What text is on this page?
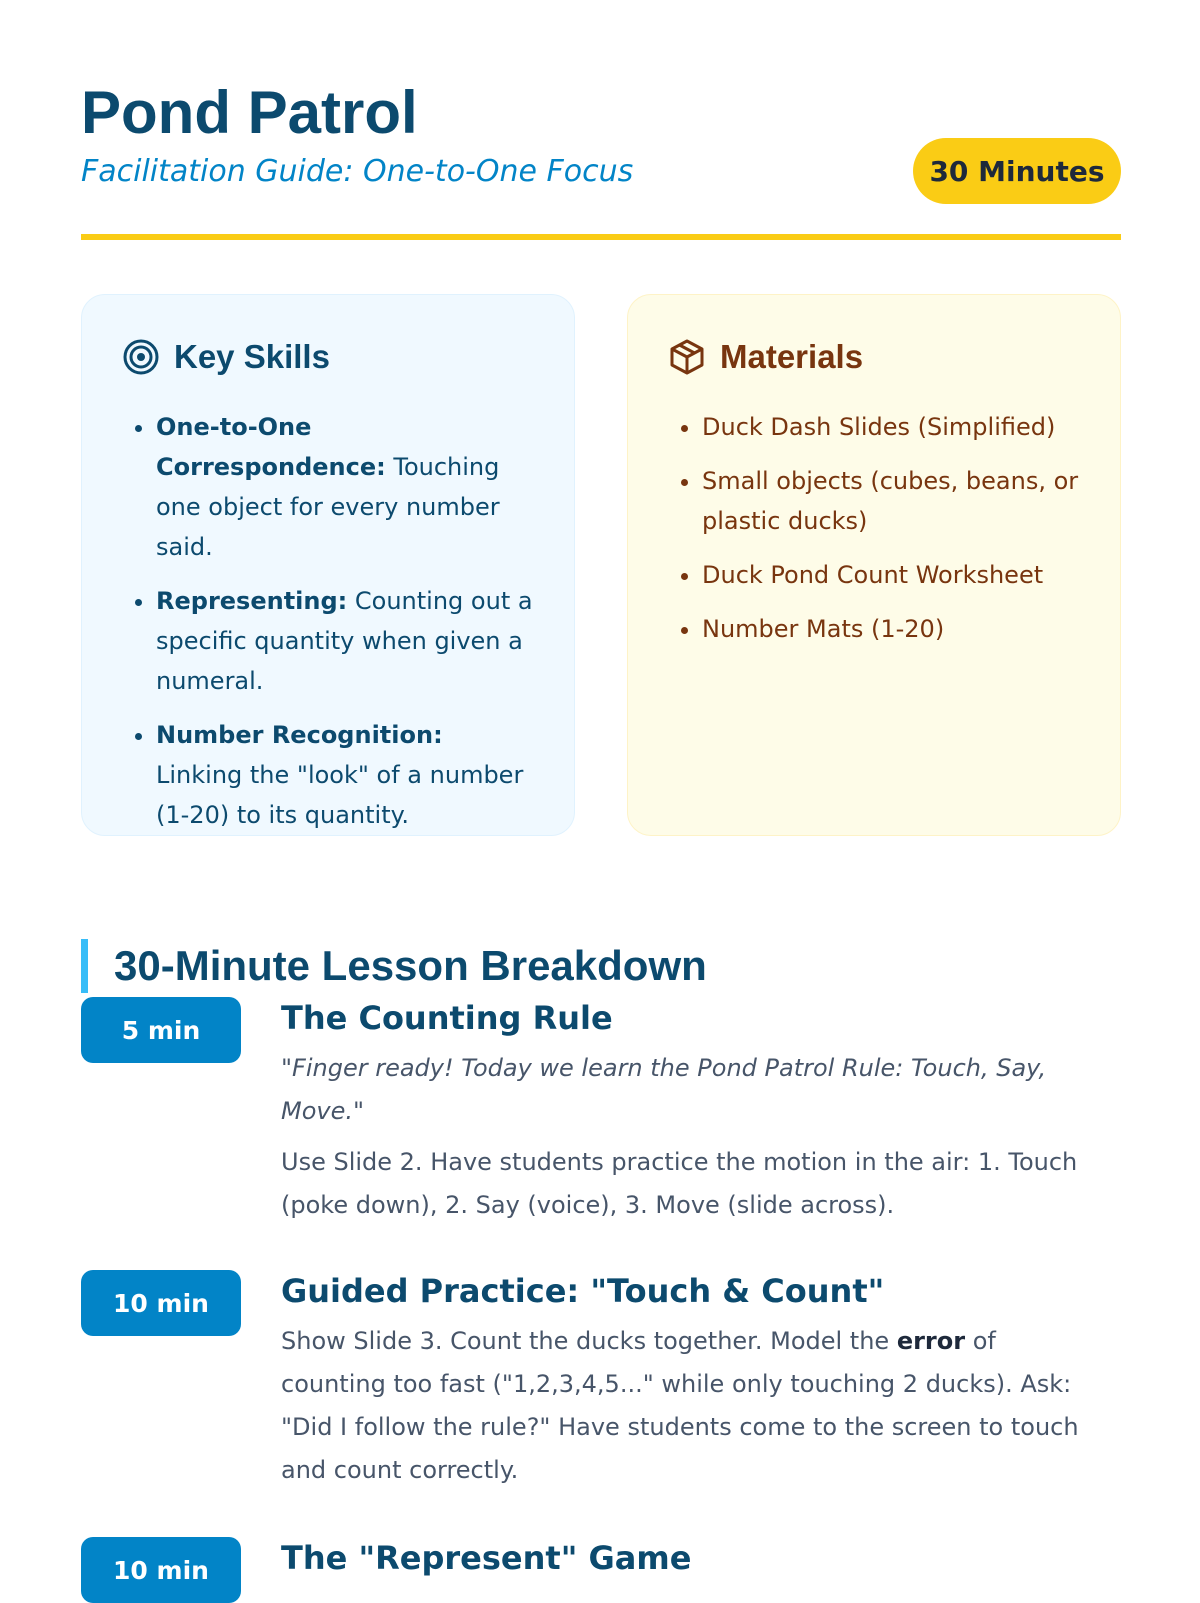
Pond Patrol

Facilitation Guide: One-to-One Focus	30 Minutes
Key Skills
• One-to-One Correspondence: Touching one object for every number said.
• Representing: Counting out a specific quantity when given a numeral.
• Number Recognition: Linking the "look" of a number (1-20) to its quantity.
Materials
• Duck Dash Slides (Simplified)
• Small objects (cubes, beans, or plastic ducks)
• Duck Pond Count Worksheet
• Number Mats (1-20)
30-Minute Lesson Breakdown
5 min	The Counting Rule

"Finger ready! Today we learn the Pond Patrol Rule: Touch, Say, Move."

Use Slide 2. Have students practice the motion in the air: 1. Touch (poke down), 2. Say (voice), 3. Move (slide across).

10 min	Guided Practice: "Touch & Count"

Show Slide 3. Count the ducks together. Model the error of counting too fast ("1,2,3,4,5..." while only touching 2 ducks). Ask: "Did I follow the rule?" Have students come to the screen to touch and count correctly.

10 min	The "Represent" Game
